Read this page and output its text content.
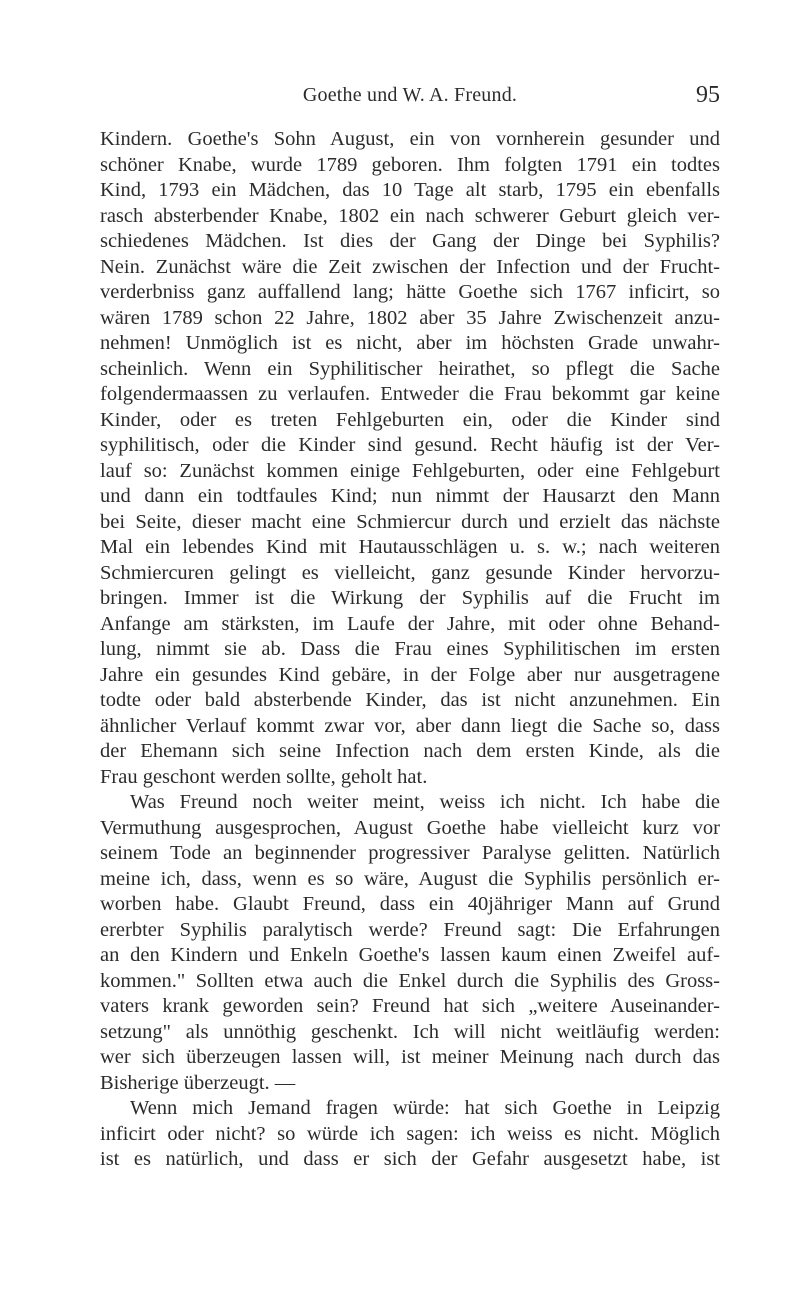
Goethe und W. A. Freund.	95
Kindern. Goethe's Sohn August, ein von vornherein gesunder und
schöner Knabe, wurde 1789 geboren. Ihm folgten 1791 ein todtes
Kind, 1793 ein Mädchen, das 10 Tage alt starb, 1795 ein ebenfalls
rasch absterbender Knabe, 1802 ein nach schwerer Geburt gleich ver-
schiedenes Mädchen. Ist dies der Gang der Dinge bei Syphilis?
Nein. Zunächst wäre die Zeit zwischen der Infection und der Frucht-
verderbniss ganz auffallend lang; hätte Goethe sich 1767 inficirt, so
wären 1789 schon 22 Jahre, 1802 aber 35 Jahre Zwischenzeit anzu-
nehmen! Unmöglich ist es nicht, aber im höchsten Grade unwahr-
scheinlich. Wenn ein Syphilitischer heirathet, so pflegt die Sache
folgendermaassen zu verlaufen. Entweder die Frau bekommt gar keine
Kinder, oder es treten Fehlgeburten ein, oder die Kinder sind
syphilitisch, oder die Kinder sind gesund. Recht häufig ist der Ver-
lauf so: Zunächst kommen einige Fehlgeburten, oder eine Fehlgeburt
und dann ein todtfaules Kind; nun nimmt der Hausarzt den Mann
bei Seite, dieser macht eine Schmiercur durch und erzielt das nächste
Mal ein lebendes Kind mit Hautausschlägen u. s. w.; nach weiteren
Schmiercuren gelingt es vielleicht, ganz gesunde Kinder hervorzu-
bringen. Immer ist die Wirkung der Syphilis auf die Frucht im
Anfange am stärksten, im Laufe der Jahre, mit oder ohne Behand-
lung, nimmt sie ab. Dass die Frau eines Syphilitischen im ersten
Jahre ein gesundes Kind gebäre, in der Folge aber nur ausgetragene
todte oder bald absterbende Kinder, das ist nicht anzunehmen. Ein
ähnlicher Verlauf kommt zwar vor, aber dann liegt die Sache so, dass
der Ehemann sich seine Infection nach dem ersten Kinde, als die
Frau geschont werden sollte, geholt hat.
Was Freund noch weiter meint, weiss ich nicht. Ich habe die
Vermuthung ausgesprochen, August Goethe habe vielleicht kurz vor
seinem Tode an beginnender progressiver Paralyse gelitten. Natürlich
meine ich, dass, wenn es so wäre, August die Syphilis persönlich er-
worben habe. Glaubt Freund, dass ein 40jähriger Mann auf Grund
ererbter Syphilis paralytisch werde? Freund sagt: Die Erfahrungen
an den Kindern und Enkeln Goethe's lassen kaum einen Zweifel auf-
kommen." Sollten etwa auch die Enkel durch die Syphilis des Gross-
vaters krank geworden sein? Freund hat sich „weitere Auseinander-
setzung" als unnöthig geschenkt. Ich will nicht weitläufig werden:
wer sich überzeugen lassen will, ist meiner Meinung nach durch das
Bisherige überzeugt. —
Wenn mich Jemand fragen würde: hat sich Goethe in Leipzig
inficirt oder nicht? so würde ich sagen: ich weiss es nicht. Möglich
ist es natürlich, und dass er sich der Gefahr ausgesetzt habe, ist
